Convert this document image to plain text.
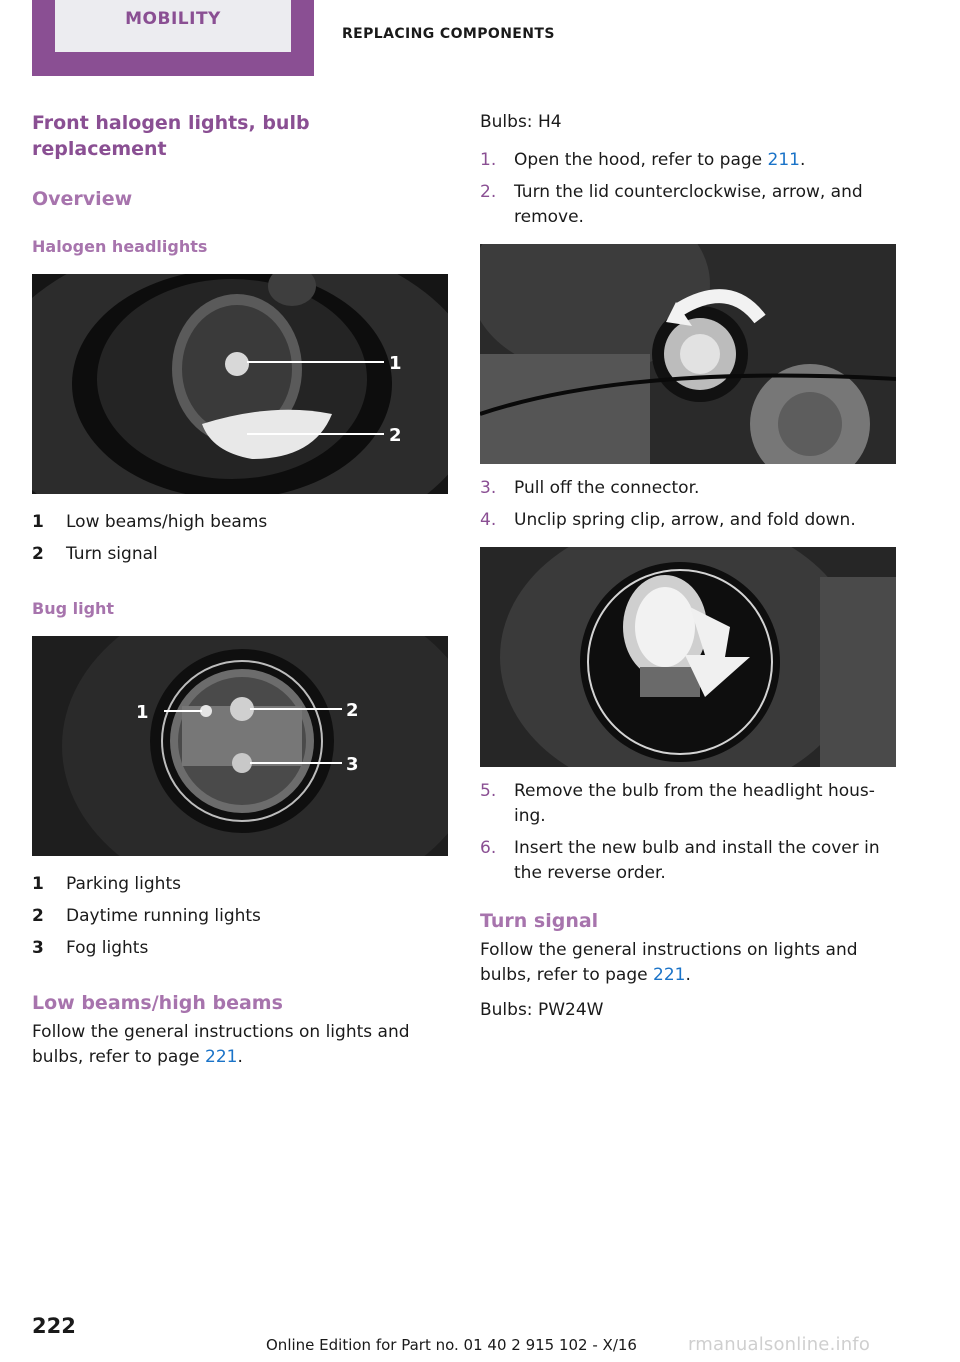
MOBILITY
REPLACING COMPONENTS
Front halogen lights, bulb replacement
Overview
Halogen headlights
1
2
1	Low beams/high beams
2	Turn signal
Bug light
1	2
3
1	Parking lights
2	Daytime running lights
3	Fog lights
Low beams/high beams
Follow the general instructions on lights and bulbs, refer to page 221.
Bulbs: H4
1.	Open the hood, refer to page 211.
2.	Turn the lid counterclockwise, arrow, and remove.
3.	Pull off the connector.
4.	Unclip spring clip, arrow, and fold down.
5.	Remove the bulb from the headlight hous‐ing.
6.	Insert the new bulb and install the cover in the reverse order.
Turn signal
Follow the general instructions on lights and bulbs, refer to page 221.
Bulbs: PW24W
222
Online Edition for Part no. 01 40 2 915 102 - X/16	rmanualsonline.info
